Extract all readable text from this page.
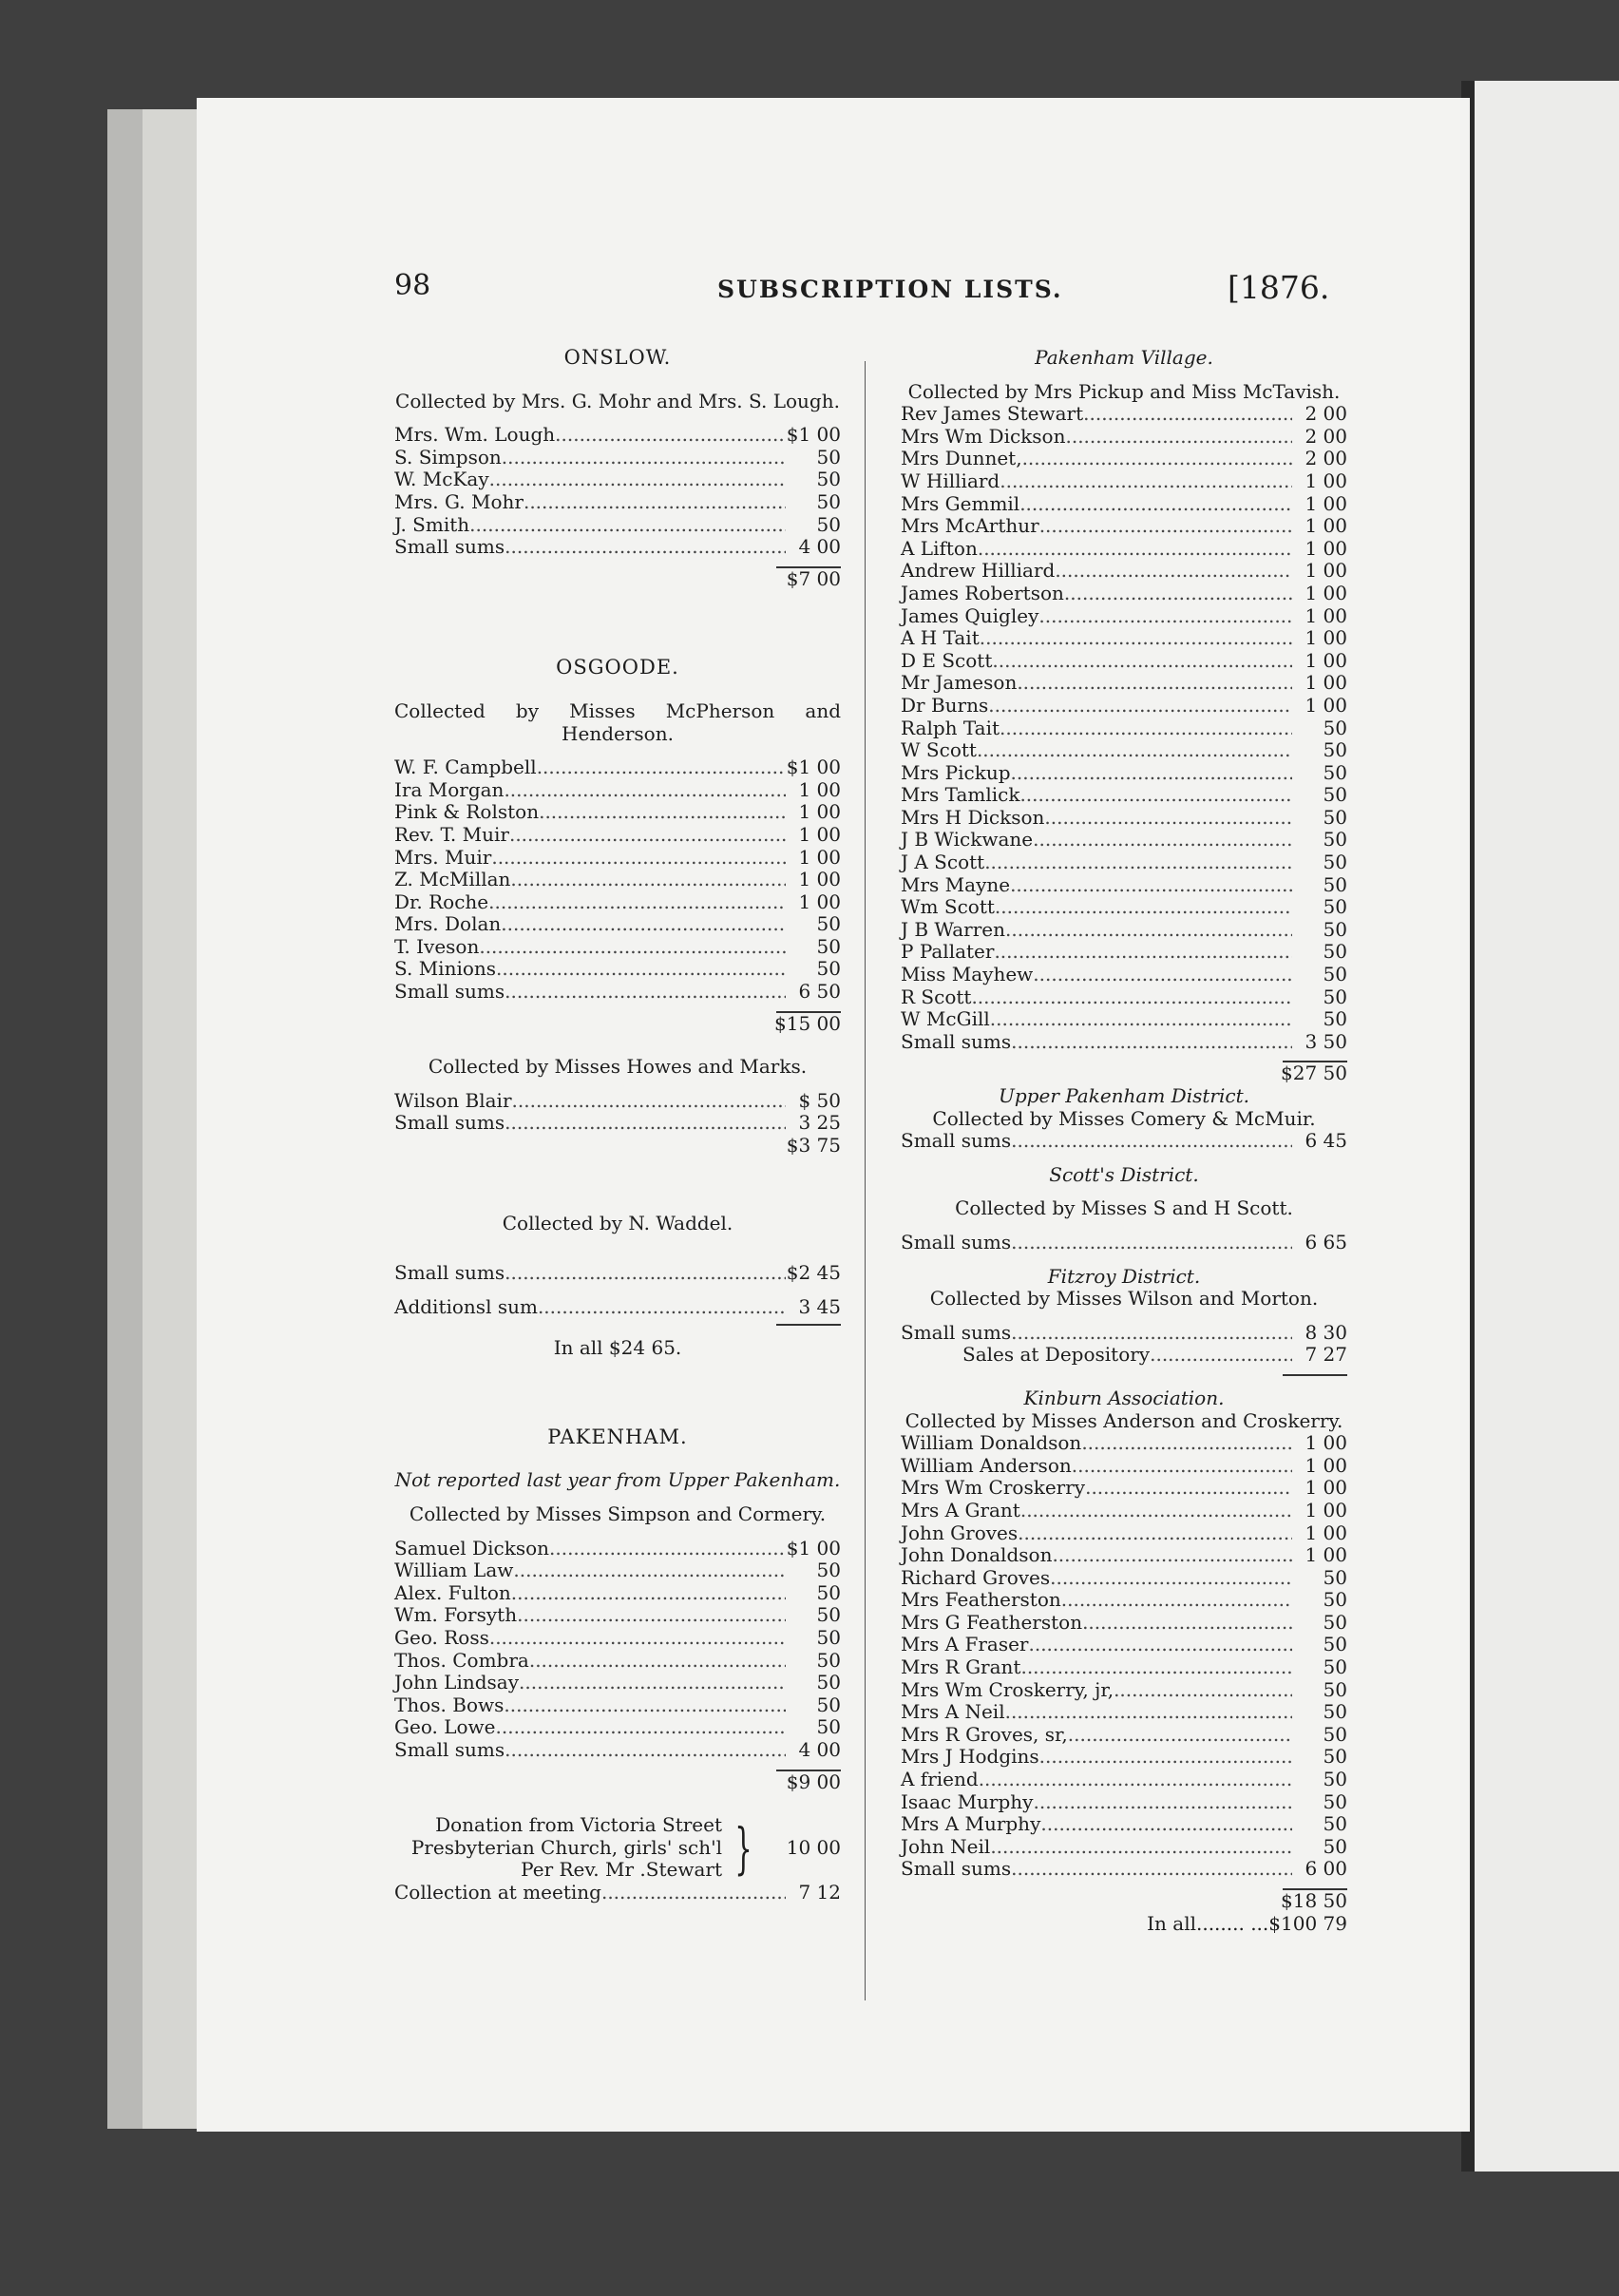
98	SUBSCRIPTION LISTS.	[1876.
ONSLOW.
Collected by Mrs. G. Mohr and Mrs. S. Lough.
Mrs. Wm. Lough .....	$1 00
S. Simpson .....	50
W. McKay .....	50
Mrs. G. Mohr .....	50
J. Smith .....	50
Small sums .....	4 00
$7 00
OSGOODE.
Collected by Misses McPherson and Henderson.
W. F. Campbell .....	$1 00
Ira Morgan .....	1 00
Pink & Rolston .....	1 00
Rev. T. Muir .....	1 00
Mrs. Muir .....	1 00
Z. McMillan .....	1 00
Dr. Roche .....	1 00
Mrs. Dolan .....	50
T. Iveson .....	50
S. Minions .....	50
Small sums .....	6 50
$15 00
Collected by Misses Howes and Marks.
Wilson Blair .....	$ 50
Small sums .....	3 25
$3 75
Collected by N. Waddel.
Small sums .....	$2 45
Additionsl sum .....	3 45
In all $24 65.
PAKENHAM.
Not reported last year from Upper Pakenham.
Collected by Misses Simpson and Cormery.
Samuel Dickson .....	$1 00
William Law .....	50
Alex. Fulton .....	50
Wm. Forsyth .....	50
Geo. Ross .....	50
Thos. Combra .....	50
John Lindsay .....	50
Thos. Bows .....	50
Geo. Lowe .....	50
Small sums .....	4 00
$9 00
Donation from Victoria Street
Presbyterian Church, girls' sch'l
Per Rev. Mr .Stewart } 10 00
Collection at meeting .....	7 12
Pakenham Village.
Collected by Mrs Pickup and Miss McTavish.
Rev James Stewart .....	2 00
Mrs Wm Dickson .....	2 00
Mrs Dunnet, .....	2 00
W Hilliard .....	1 00
Mrs Gemmil .....	1 00
Mrs McArthur .....	1 00
A Lifton .....	1 00
Andrew Hilliard .....	1 00
James Robertson .....	1 00
James Quigley .....	1 00
A H Tait .....	1 00
D E Scott .....	1 00
Mr Jameson .....	1 00
Dr Burns .....	1 00
Ralph Tait .....	50
W Scott .....	50
Mrs Pickup .....	50
Mrs Tamlick .....	50
Mrs H Dickson .....	50
J B Wickwane .....	50
J A Scott .....	50
Mrs Mayne .....	50
Wm Scott .....	50
J B Warren .....	50
P Pallater .....	50
Miss Mayhew .....	50
R Scott .....	50
W McGill .....	50
Small sums .....	3 50
$27 50
Upper Pakenham District.
Collected by Misses Comery & McMuir.
Small sums .....	6 45
Scott's District.
Collected by Misses S and H Scott.
Small sums .....	6 65
Fitzroy District.
Collected by Misses Wilson and Morton.
Small sums .....	8 30
Sales at Depository .....	7 27
Kinburn Association.
Collected by Misses Anderson and Croskerry.
William Donaldson .....	1 00
William Anderson .....	1 00
Mrs Wm Croskerry .....	1 00
Mrs A Grant .....	1 00
John Groves .....	1 00
John Donaldson .....	1 00
Richard Groves .....	50
Mrs Featherston .....	50
Mrs G Featherston .....	50
Mrs A Fraser .....	50
Mrs R Grant .....	50
Mrs Wm Croskerry, jr, .....	50
Mrs A Neil .....	50
Mrs R Groves, sr, .....	50
Mrs J Hodgins .....	50
A friend .....	50
Isaac Murphy .....	50
Mrs A Murphy .....	50
John Neil .....	50
Small sums .....	6 00
$18 50
In all........ ...$100 79
